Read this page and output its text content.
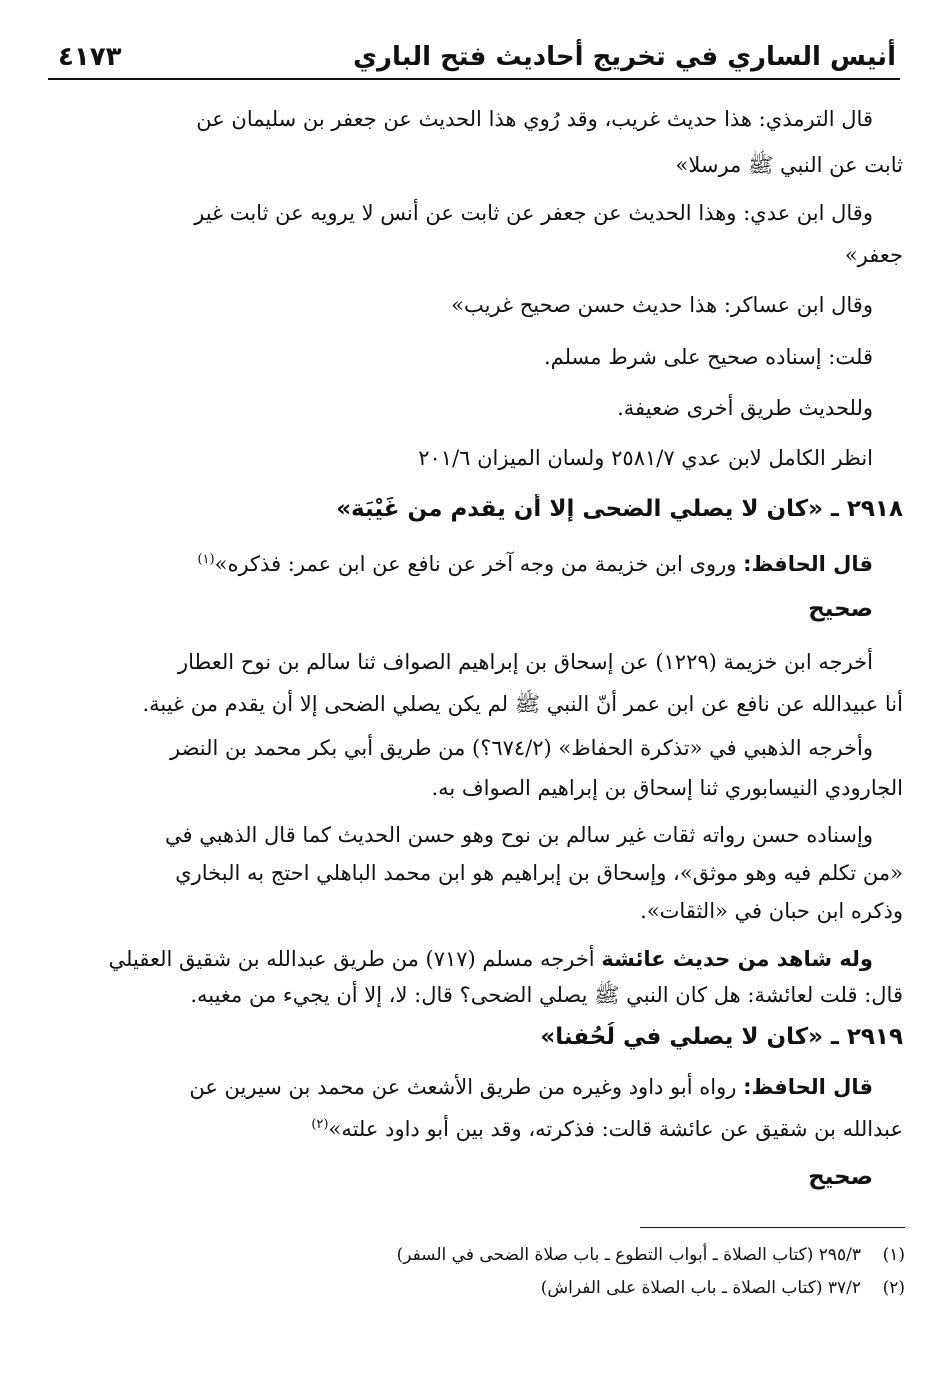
أنيس الساري في تخريج أحاديث فتح الباري
٤١٧٣
قال الترمذي: هذا حديث غريب، وقد رُوي هذا الحديث عن جعفر بن سليمان عن
ثابت عن النبي ﷺ مرسلا»
وقال ابن عدي: وهذا الحديث عن جعفر عن ثابت عن أنس لا يرويه عن ثابت غير
جعفر»
وقال ابن عساكر: هذا حديث حسن صحيح غريب»
قلت: إسناده صحيح على شرط مسلم.
وللحديث طريق أخرى ضعيفة.
انظر الكامل لابن عدي ٢٥٨١/٧ ولسان الميزان ٢٠١/٦
٢٩١٨ ـ «كان لا يصلي الضحى إلا أن يقدم من غَيْبَة»
قال الحافظ: وروى ابن خزيمة من وجه آخر عن نافع عن ابن عمر: فذكره»$^{(١)}$
صحيح
أخرجه ابن خزيمة (١٢٢٩) عن إسحاق بن إبراهيم الصواف ثنا سالم بن نوح العطار
أنا عبيدالله عن نافع عن ابن عمر أنّ النبي ﷺ لم يكن يصلي الضحى إلا أن يقدم من غيبة.
وأخرجه الذهبي في «تذكرة الحفاظ» (٦٧٤/٢؟) من طريق أبي بكر محمد بن النضر
الجارودي النيسابوري ثنا إسحاق بن إبراهيم الصواف به.
وإسناده حسن رواته ثقات غير سالم بن نوح وهو حسن الحديث كما قال الذهبي في
«من تكلم فيه وهو موثق»، وإسحاق بن إبراهيم هو ابن محمد الباهلي احتج به البخاري
وذكره ابن حبان في «الثقات».
وله شاهد من حديث عائشة أخرجه مسلم (٧١٧) من طريق عبدالله بن شقيق العقيلي
قال: قلت لعائشة: هل كان النبي ﷺ يصلي الضحى؟ قال: لا، إلا أن يجيء من مغيبه.
٢٩١٩ ـ «كان لا يصلي في لُحُفنا»
قال الحافظ: رواه أبو داود وغيره من طريق الأشعث عن محمد بن سيرين عن
عبدالله بن شقيق عن عائشة قالت: فذكرته، وقد بين أبو داود علته»$^{(٢)}$
صحيح
(١)٢٩٥/٣ (كتاب الصلاة ـ أبواب التطوع ـ باب صلاة الضحى في السفر)
(٢)٣٧/٢ (كتاب الصلاة ـ باب الصلاة على الفراش)
